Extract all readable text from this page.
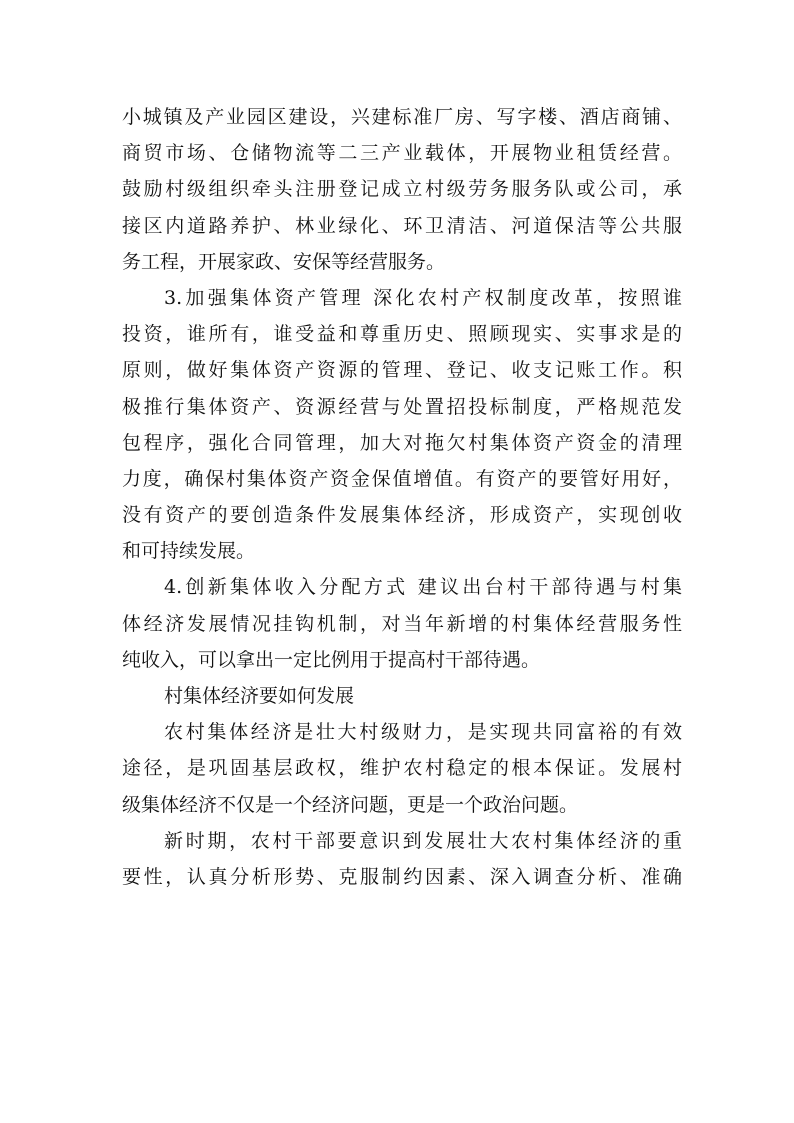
小城镇及产业园区建设，兴建标准厂房、写字楼、酒店商铺、
商贸市场、仓储物流等二三产业载体，开展物业租赁经营。
鼓励村级组织牵头注册登记成立村级劳务服务队或公司，承
接区内道路养护、林业绿化、环卫清洁、河道保洁等公共服
务工程，开展家政、安保等经营服务。
3.加强集体资产管理 深化农村产权制度改革，按照谁
投资，谁所有，谁受益和尊重历史、照顾现实、实事求是的
原则，做好集体资产资源的管理、登记、收支记账工作。积
极推行集体资产、资源经营与处置招投标制度，严格规范发
包程序，强化合同管理，加大对拖欠村集体资产资金的清理
力度，确保村集体资产资金保值增值。有资产的要管好用好，
没有资产的要创造条件发展集体经济，形成资产，实现创收
和可持续发展。
4.创新集体收入分配方式 建议出台村干部待遇与村集
体经济发展情况挂钩机制，对当年新增的村集体经营服务性
纯收入，可以拿出一定比例用于提高村干部待遇。
村集体经济要如何发展
农村集体经济是壮大村级财力，是实现共同富裕的有效
途径，是巩固基层政权，维护农村稳定的根本保证。发展村
级集体经济不仅是一个经济问题，更是一个政治问题。
新时期，农村干部要意识到发展壮大农村集体经济的重
要性，认真分析形势、克服制约因素、深入调查分析、准确
